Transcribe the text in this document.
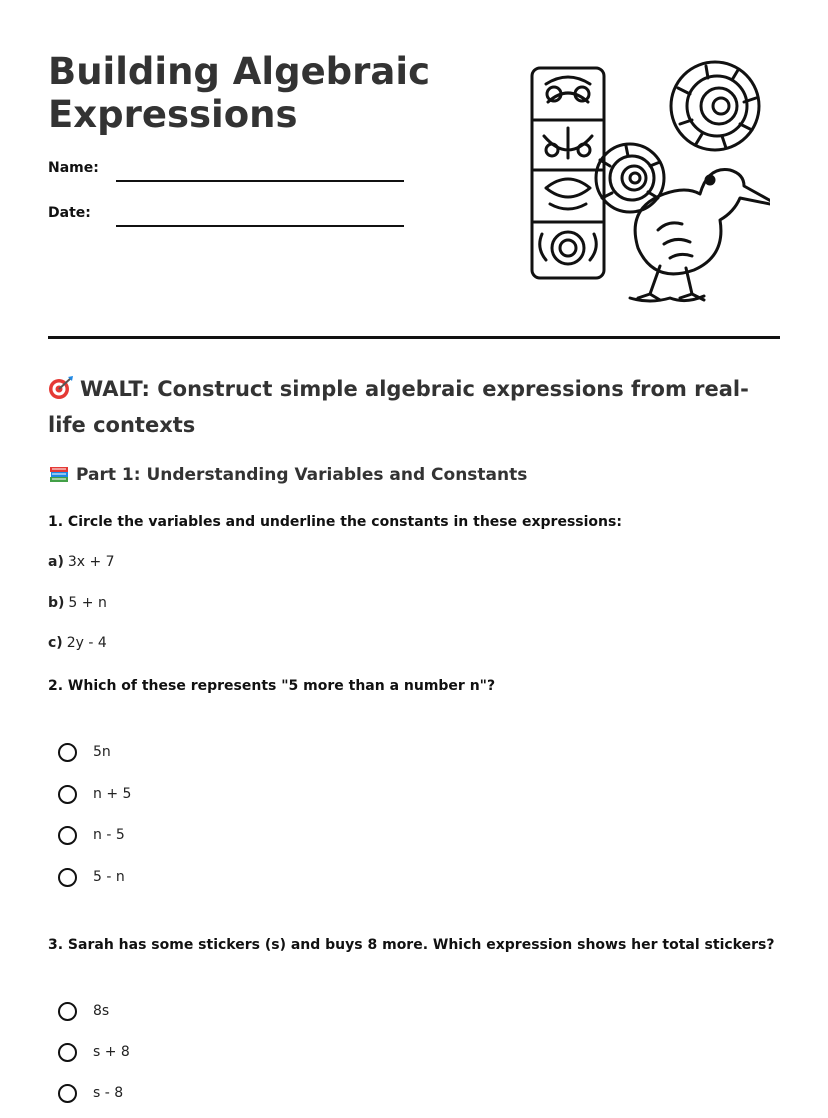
Building Algebraic
Expressions
Name:
Date:
WALT: Construct simple algebraic expressions from real-life contexts
Part 1: Understanding Variables and Constants

1. Circle the variables and underline the constants in these expressions:

a) 3x + 7
b) 5 + n
c) 2y - 4

2. Which of these represents "5 more than a number n"?

5n
n + 5
n - 5
5 - n

3. Sarah has some stickers (s) and buys 8 more. Which expression shows her total stickers?

8s
s + 8
s - 8
